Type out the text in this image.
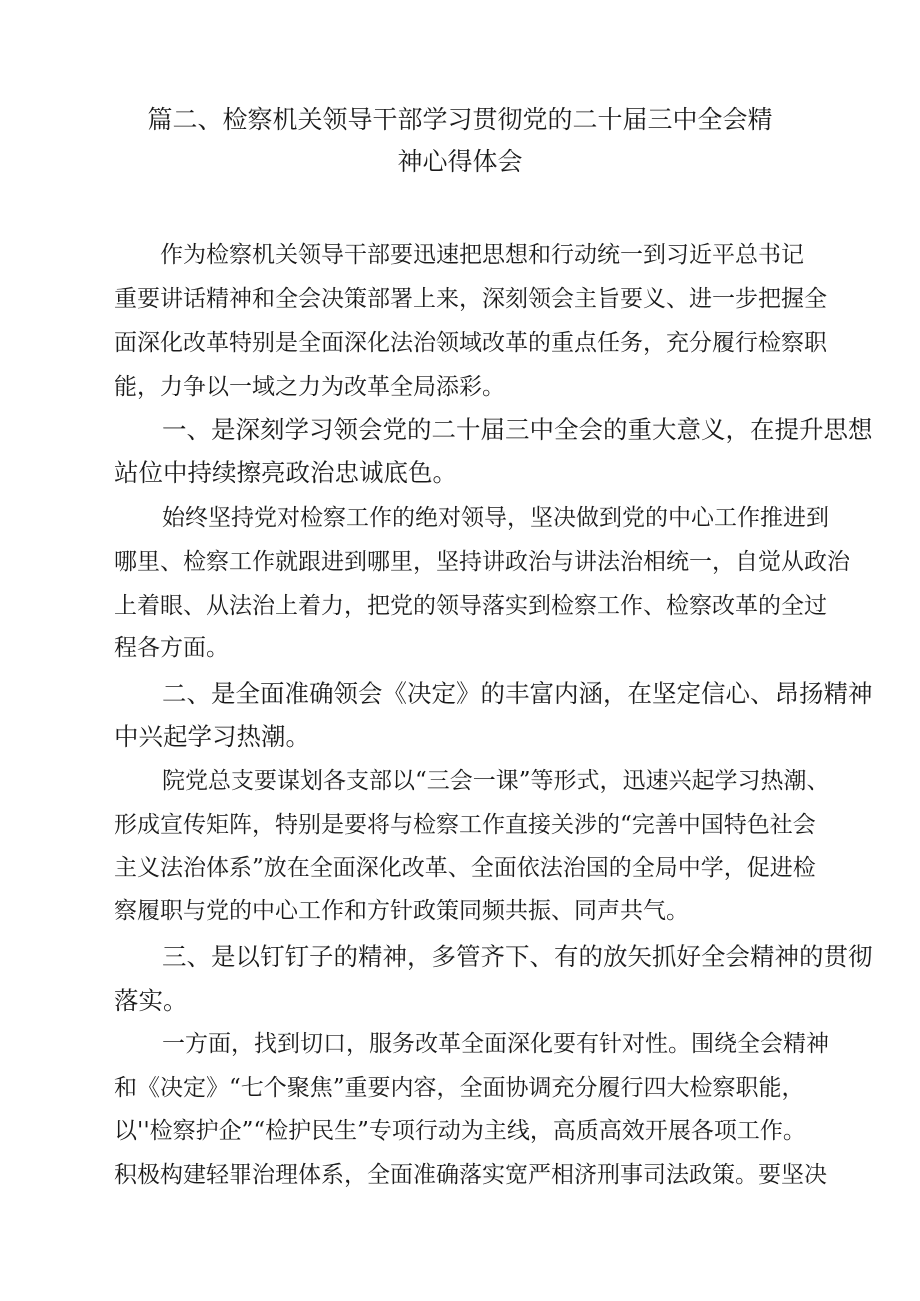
篇二、检察机关领导干部学习贯彻党的二十届三中全会精
神心得体会

作为检察机关领导干部要迅速把思想和行动统一到习近平总书记

重要讲话精神和全会决策部署上来，深刻领会主旨要义、进一步把握全

面深化改革特别是全面深化法治领域改革的重点任务，充分履行检察职

能，力争以一域之力为改革全局添彩。

一、是深刻学习领会党的二十届三中全会的重大意义，在提升思想

站位中持续擦亮政治忠诚底色。

始终坚持党对检察工作的绝对领导，坚决做到党的中心工作推进到

哪里、检察工作就跟进到哪里，坚持讲政治与讲法治相统一，自觉从政治

上着眼、从法治上着力，把党的领导落实到检察工作、检察改革的全过

程各方面。

二、是全面准确领会《决定》的丰富内涵，在坚定信心、昂扬精神

中兴起学习热潮。

院党总支要谋划各支部以“三会一课”等形式，迅速兴起学习热潮、

形成宣传矩阵，特别是要将与检察工作直接关涉的“完善中国特色社会

主义法治体系”放在全面深化改革、全面依法治国的全局中学，促进检

察履职与党的中心工作和方针政策同频共振、同声共气。

三、是以钉钉子的精神，多管齐下、有的放矢抓好全会精神的贯彻

落实。

一方面，找到切口，服务改革全面深化要有针对性。围绕全会精神

和《决定》“七个聚焦”重要内容，全面协调充分履行四大检察职能，

以''检察护企”“检护民生”专项行动为主线，高质高效开展各项工作。

积极构建轻罪治理体系，全面准确落实宽严相济刑事司法政策。要坚决
